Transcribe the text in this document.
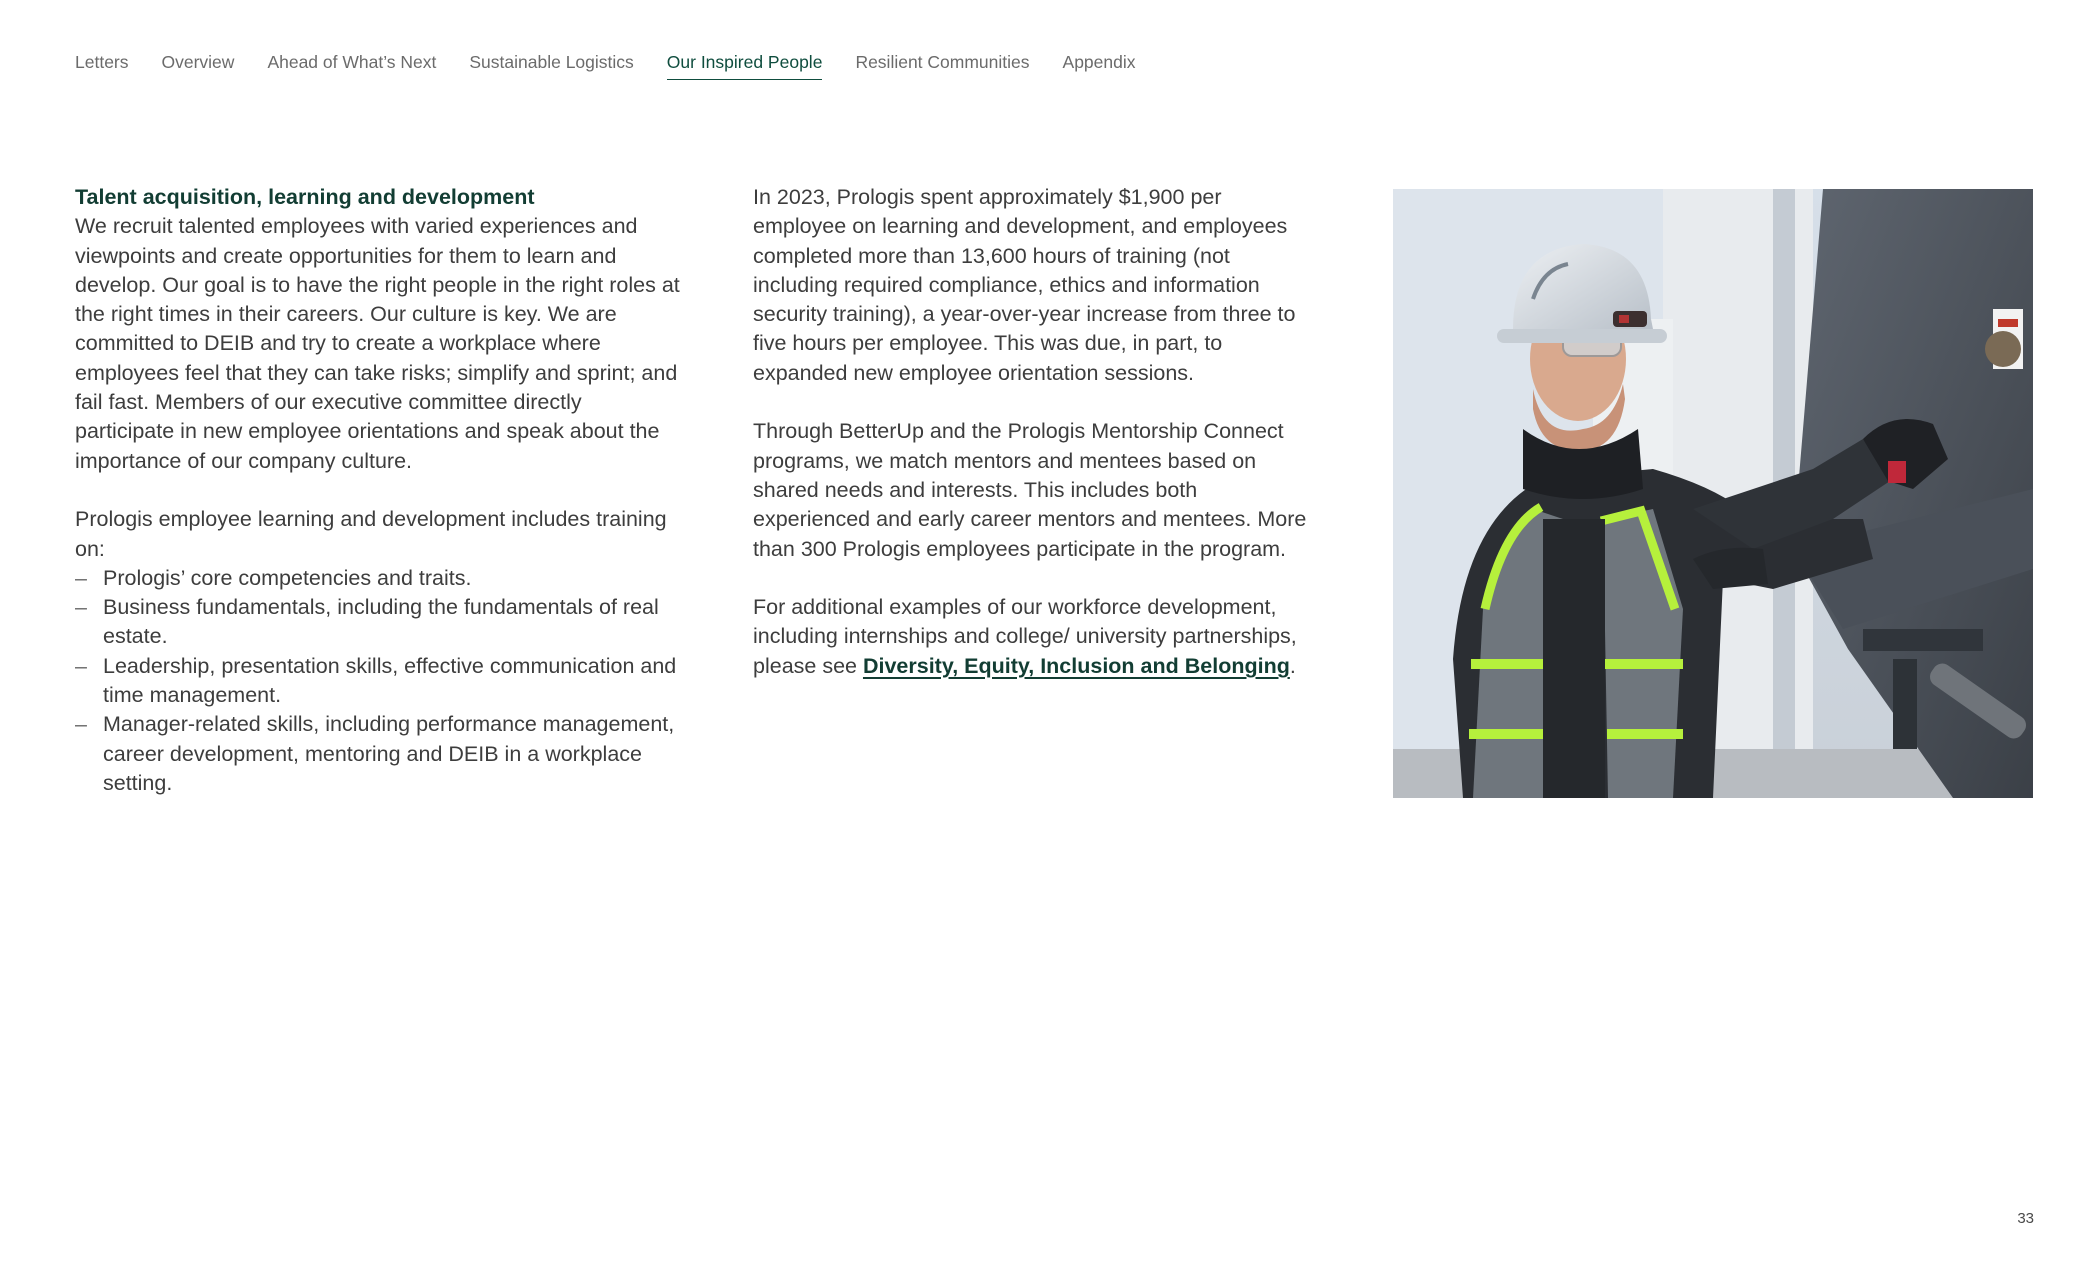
Letters Overview Ahead of What’s Next Sustainable Logistics Our Inspired People Resilient Communities Appendix

Talent acquisition, learning and development

We recruit talented employees with varied experiences and viewpoints and create opportunities for them to learn and develop. Our goal is to have the right people in the right roles at the right times in their careers. Our culture is key. We are committed to DEIB and try to create a workplace where employees feel that they can take risks; simplify and sprint; and fail fast. Members of our executive committee directly participate in new employee orientations and speak about the importance of our company culture.

Prologis employee learning and development includes training on:

– Prologis’ core competencies and traits.
– Business fundamentals, including the fundamentals of real estate.
– Leadership, presentation skills, effective communication and time management.
– Manager-related skills, including performance management, career development, mentoring and DEIB in a workplace setting.

In 2023, Prologis spent approximately $1,900 per employee on learning and development, and employees completed more than 13,600 hours of training (not including required compliance, ethics and information security training), a year-over-year increase from three to five hours per employee. This was due, in part, to expanded new employee orientation sessions.

Through BetterUp and the Prologis Mentorship Connect programs, we match mentors and mentees based on shared needs and interests. This includes both experienced and early career mentors and mentees. More than 300 Prologis employees participate in the program.

For additional examples of our workforce development, including internships and college/ university partnerships, please see Diversity, Equity, Inclusion and Belonging.

33
